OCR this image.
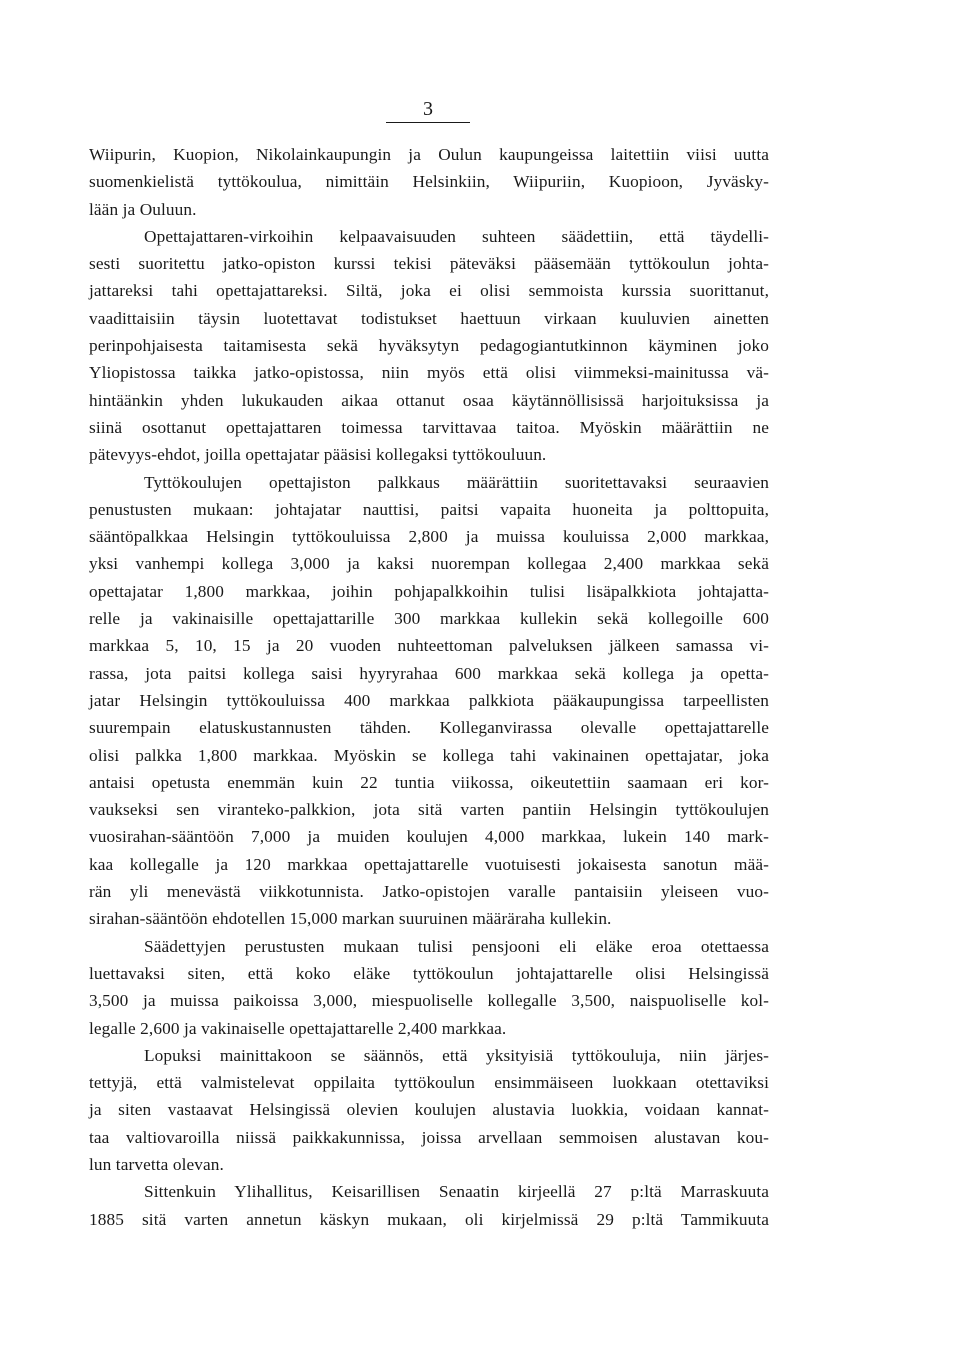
3
Wiipurin, Kuopion, Nikolainkaupungin ja Oulun kaupungeissa laitettiin viisi uutta
suomenkielistä tyttökoulua, nimittäin Helsinkiin, Wiipuriin, Kuopioon, Jyväsky-
lään ja Ouluun.
Opettajattaren-virkoihin kelpaavaisuuden suhteen säädettiin, että täydelli-
sesti suoritettu jatko-opiston kurssi tekisi päteväksi pääsemään tyttökoulun johta-
jattareksi tahi opettajattareksi. Siltä, joka ei olisi semmoista kurssia suorittanut,
vaadittaisiin täysin luotettavat todistukset haettuun virkaan kuuluvien ainetten
perinpohjaisesta taitamisesta sekä hyväksytyn pedagogiantutkinnon käyminen joko
Yliopistossa taikka jatko-opistossa, niin myös että olisi viimmeksi-mainitussa vä-
hintäänkin yhden lukukauden aikaa ottanut osaa käytännöllisissä harjoituksissa ja
siinä osottanut opettajattaren toimessa tarvittavaa taitoa. Myöskin määrättiin ne
pätevyys-ehdot, joilla opettajatar pääsisi kollegaksi tyttökouluun.
Tyttökoulujen opettajiston palkkaus määrättiin suoritettavaksi seuraavien
penustusten mukaan: johtajatar nauttisi, paitsi vapaita huoneita ja polttopuita,
sääntöpalkkaa Helsingin tyttökouluissa 2,800 ja muissa kouluissa 2,000 markkaa,
yksi vanhempi kollega 3,000 ja kaksi nuorempan kollegaa 2,400 markkaa sekä
opettajatar 1,800 markkaa, joihin pohjapalkkoihin tulisi lisäpalkkiota johtajatta-
relle ja vakinaisille opettajattarille 300 markkaa kullekin sekä kollegoille 600
markkaa 5, 10, 15 ja 20 vuoden nuhteettoman palveluksen jälkeen samassa vi-
rassa, jota paitsi kollega saisi hyyryrahaa 600 markkaa sekä kollega ja opetta-
jatar Helsingin tyttökouluissa 400 markkaa palkkiota pääkaupungissa tarpeellisten
suurempain elatuskustannusten tähden. Kolleganvirassa olevalle opettajattarelle
olisi palkka 1,800 markkaa. Myöskin se kollega tahi vakinainen opettajatar, joka
antaisi opetusta enemmän kuin 22 tuntia viikossa, oikeutettiin saamaan eri kor-
vaukseksi sen viranteko-palkkion, jota sitä varten pantiin Helsingin tyttökoulujen
vuosirahan-sääntöön 7,000 ja muiden koulujen 4,000 markkaa, lukein 140 mark-
kaa kollegalle ja 120 markkaa opettajattarelle vuotuisesti jokaisesta sanotun mää-
rän yli menevästä viikkotunnista. Jatko-opistojen varalle pantaisiin yleiseen vuo-
sirahan-sääntöön ehdotellen 15,000 markan suuruinen määräraha kullekin.
Säädettyjen perustusten mukaan tulisi pensjooni eli eläke eroa otettaessa
luettavaksi siten, että koko eläke tyttökoulun johtajattarelle olisi Helsingissä
3,500 ja muissa paikoissa 3,000, miespuoliselle kollegalle 3,500, naispuoliselle kol-
legalle 2,600 ja vakinaiselle opettajattarelle 2,400 markkaa.
Lopuksi mainittakoon se säännös, että yksityisiä tyttökouluja, niin järjes-
tettyjä, että valmistelevat oppilaita tyttökoulun ensimmäiseen luokkaan otettaviksi
ja siten vastaavat Helsingissä olevien koulujen alustavia luokkia, voidaan kannat-
taa valtiovaroilla niissä paikkakunnissa, joissa arvellaan semmoisen alustavan kou-
lun tarvetta olevan.
Sittenkuin Ylihallitus, Keisarillisen Senaatin kirjeellä 27 p:ltä Marraskuuta
1885 sitä varten annetun käskyn mukaan, oli kirjelmissä 29 p:ltä Tammikuuta
